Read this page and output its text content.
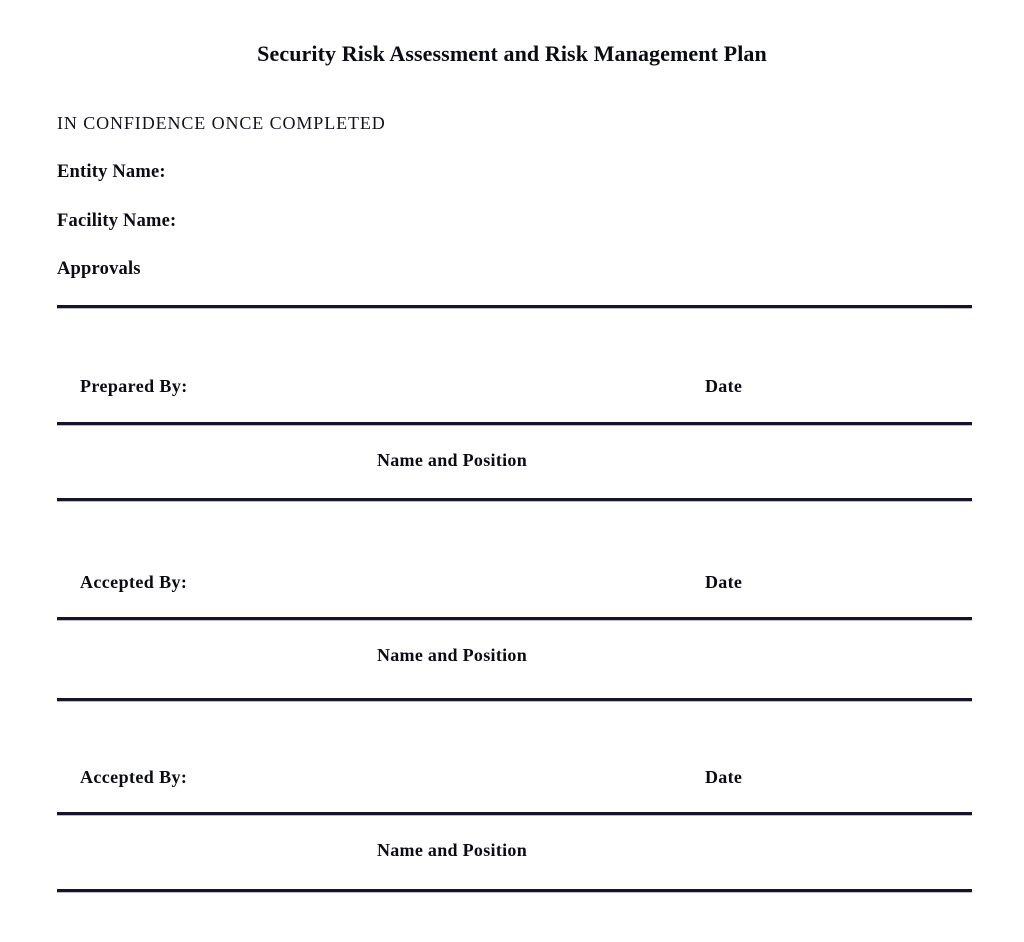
Security Risk Assessment and Risk Management Plan
IN CONFIDENCE ONCE COMPLETED
Entity Name:
Facility Name:
Approvals
Prepared By:	Date
Name and Position
Accepted By:	Date
Name and Position
Accepted By:	Date
Name and Position
